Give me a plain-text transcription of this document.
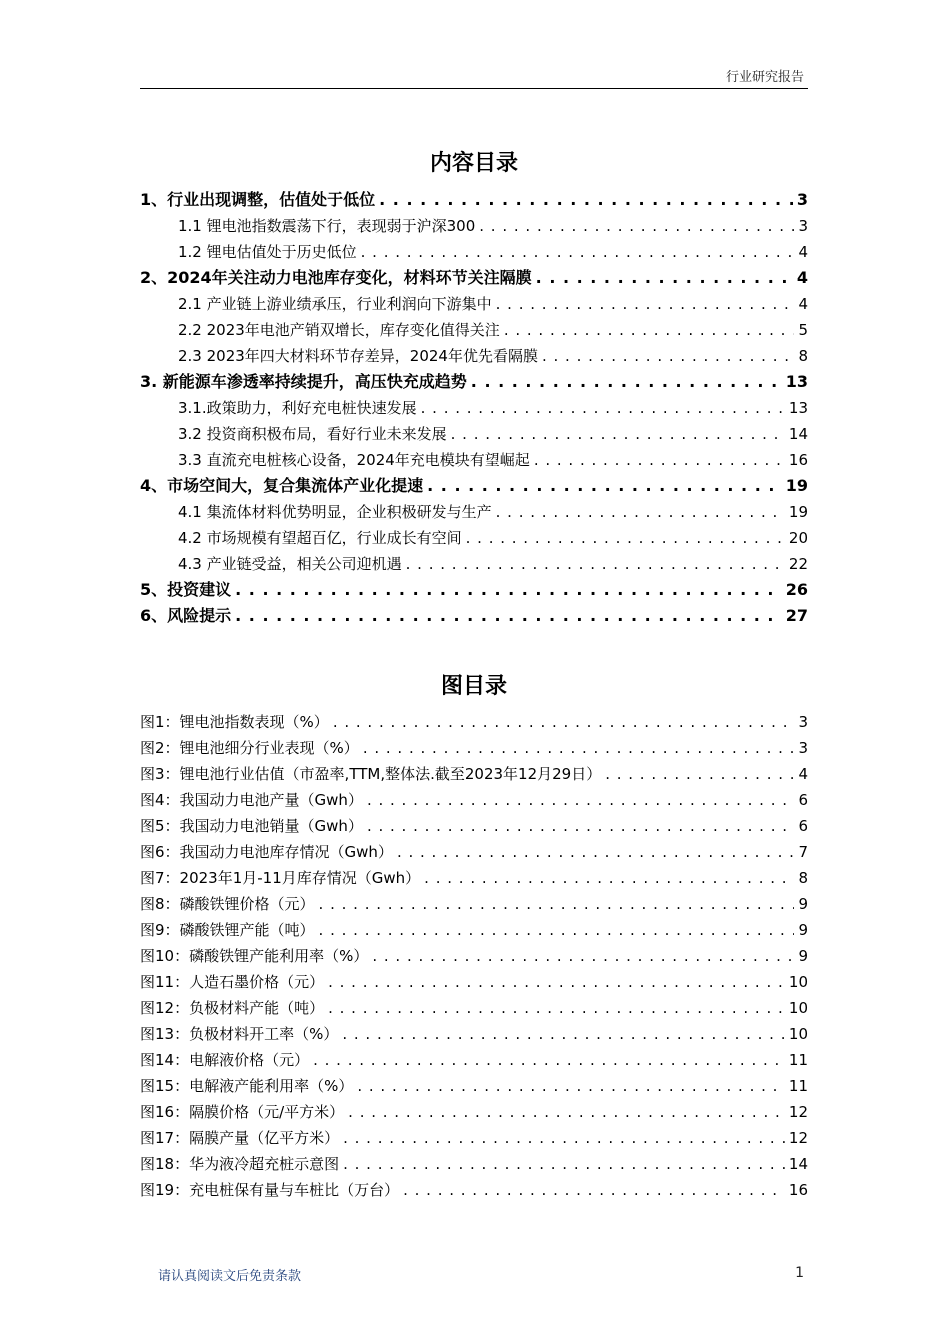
行业研究报告
内容目录
1、行业出现调整，估值处于低位 . . .	3
1.1 锂电池指数震荡下行，表现弱于沪深300 . . .	3
1.2 锂电估值处于历史低位 . . .	4
2、2024年关注动力电池库存变化，材料环节关注隔膜 . . .	4
2.1 产业链上游业绩承压，行业利润向下游集中 . . .	4
2.2 2023年电池产销双增长，库存变化值得关注 . . .	5
2.3 2023年四大材料环节存差异，2024年优先看隔膜 . . .	8
3. 新能源车渗透率持续提升，高压快充成趋势 . . .	13
3.1.政策助力，利好充电桩快速发展 . . .	13
3.2 投资商积极布局，看好行业未来发展 . . .	14
3.3 直流充电桩核心设备，2024年充电模块有望崛起 . . .	16
4、市场空间大，复合集流体产业化提速 . . .	19
4.1 集流体材料优势明显，企业积极研发与生产 . . .	19
4.2 市场规模有望超百亿，行业成长有空间 . . .	20
4.3 产业链受益，相关公司迎机遇 . . .	22
5、投资建议 . . .	26
6、风险提示 . . .	27
图目录
图1：锂电池指数表现（%） . . .	3
图2：锂电池细分行业表现（%） . . .	3
图3：锂电池行业估值（市盈率,TTM,整体法.截至2023年12月29日） . . .	4
图4：我国动力电池产量（Gwh） . . .	6
图5：我国动力电池销量（Gwh） . . .	6
图6：我国动力电池库存情况（Gwh） . . .	7
图7：2023年1月-11月库存情况（Gwh） . . .	8
图8：磷酸铁锂价格（元） . . .	9
图9：磷酸铁锂产能（吨） . . .	9
图10：磷酸铁锂产能利用率（%） . . .	9
图11：人造石墨价格（元） . . .	10
图12：负极材料产能（吨） . . .	10
图13：负极材料开工率（%） . . .	10
图14：电解液价格（元） . . .	11
图15：电解液产能利用率（%） . . .	11
图16：隔膜价格（元/平方米） . . .	12
图17：隔膜产量（亿平方米） . . .	12
图18：华为液冷超充桩示意图 . . .	14
图19：充电桩保有量与车桩比（万台） . . .	16
请认真阅读文后免责条款	1
